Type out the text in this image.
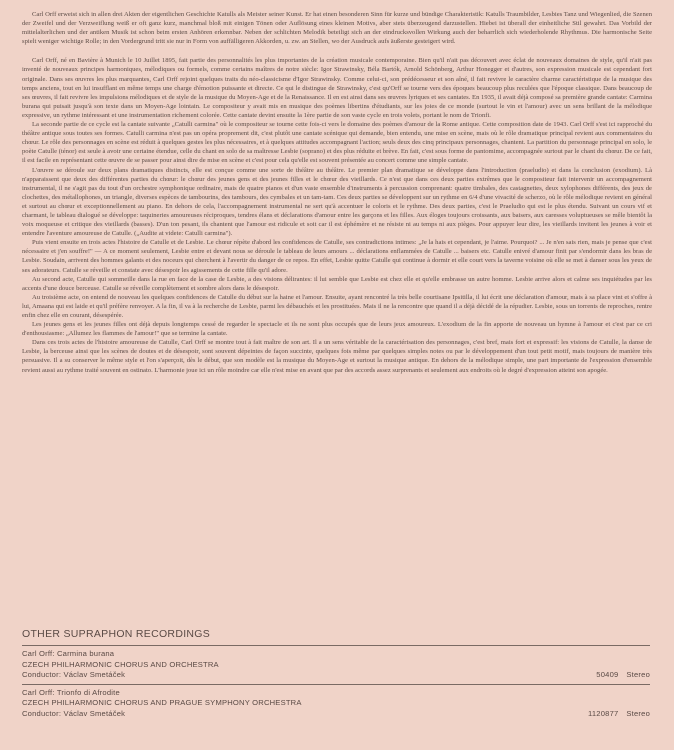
Carl Orff erweist sich in allen drei Akten der eigentlichen Geschichte Katulls als Meister seiner Kunst. Er hat einen besonderen Sinn für kurze und bündige Charakteristik: Katulls Traumbilder, Lesbies Tanz und Wiegenlied, die Szenen der Zweifel und der Verzweiflung weiß er oft ganz kurz, manchmal bloß mit einigen Tönen oder Auflösung eines kleinen Motivs, aber stets überzeugend darzustellen. Hiebei ist überall der einheitliche Stil gewahrt. Das Vorbild der mittelalterlichen und der antiken Musik ist schon beim ersten Anhören erkennbar. Neben der schlichten Melodik beteiligt sich an der eindrucksvollen Wirkung auch der beharrlich sich wiederholende Rhythmus. Die harmonische Seite spielt weniger wichtige Rolle; in den Vordergrund tritt sie nur in Form von auffälligeren Akkorden, u. zw. an Stellen, wo der Ausdruck aufs äußerste gesteigert wird.

Carl Orff, né en Bavière à Munich le 10 Juillet 1895, fait partie des personnalités les plus importantes de la création musicale contemporaine. Bien qu'il n'ait pas découvert avec éclat de nouveaux domaines de style, qu'il n'ait pas inventé de nouveaux principes harmoniques, mélodiques ou formels, comme certains maîtres de notre siècle: Igor Strawinsky, Béla Bartók, Arnold Schönberg, Arthur Honegger et d'autres, son expression musicale est cependant fort originale. Dans ses œuvres les plus marquantes, Carl Orff rejoint quelques traits du néo-classicisme d'Igor Strawinsky. Comme celui-ci, son prédécesseur et son aîné, il fait revivre le caractère charme caractéristique de la musique des temps anciens, tout en lui insufflant en même temps une charge d'émotion puissante et directe. Ce qui le distingue de Strawinsky, c'est qu'Orff se tourne vers des époques beaucoup plus reculées que l'époque classique. Dans beaucoup de ses œuvres, il fait revivre les impulsions mélodiques et de style de la musique du Moyen-Age et de la Renaissance. Il en est ainsi dans ses œuvres lyriques et ses cantates. En 1935, il avait déjà composé sa première grande cantate: Carmina burana qui puisait jusqu'à son texte dans un Moyen-Age lointain. Le compositeur y avait mis en musique des poèmes libertins d'étudiants, sur les joies de ce monde (surtout le vin et l'amour) avec un sens brillant de la mélodique expressive, un rythme intéressant et une instrumentation richement colorée. Cette cantate devint ensuite la 1ère partie de son vaste cycle en trois volets, portant le nom de Trionfi.

La seconde partie de ce cycle est la cantate suivante „Catulli carmina" où le compositeur se tourne cette fois-ci vers le domaine des poèmes d'amour de la Rome antique. Cette composition date de 1943. Carl Orff s'est ici rapproché du théâtre antique sous toutes ses formes. Catulli carmina n'est pas un opéra proprement dit, c'est plutôt une cantate scénique qui demande, bien entendu, une mise en scène, mais où le rôle dramatique principal revient aux commentaires du chœur. Le rôle des personnages en scène est réduit à quelques gestes les plus nécessaires, et à quelques attitudes accompagnant l'action; seuls deux des cinq principaux personnages, chantent. La partition du personnage principal en solo, le poète Catulle (ténor) est seule à avoir une certaine étendue, celle du chant en solo de sa maîtresse Lesbie (soprano) et des plus réduite et brève. En fait, c'est sous forme de pantomime, accompagnée surtout par le chant du chœur. De ce fait, il est facile en représentant cette œuvre de se passer pour ainsi dire de mise en scène et c'est pour cela qu'elle est souvent présentée au concert comme une simple cantate.

L'œuvre se déroule sur deux plans dramatiques distincts, elle est conçue comme une sorte de théâtre au théâtre. Le premier plan dramatique se développe dans l'introduction (praeludio) et dans la conclusion (exodium). Là n'apparaissent que deux des différentes parties du chœur: le chœur des jeunes gens et des jeunes filles et le chœur des vieillards. Ce n'est que dans ces deux parties extrêmes que le compositeur fait intervenir un accompagnement instrumental, il ne s'agit pas du tout d'un orchestre symphonique ordinaire, mais de quatre pianos et d'un vaste ensemble d'instruments à percussion comprenant: quatre timbales, des castagnettes, deux xylophones différents, des jeux de clochettes, des métallophones, un triangle, diverses espèces de tambourins, des tambours, des cymbales et un tam-tam. Ces deux parties se développent sur un rythme en 6/4 d'une vivacité de scherzo, où le rôle mélodique revient en général et surtout au chœur et exceptionnellement au piano. En dehors de cela, l'accompagnement instrumental ne sert qu'à accentuer le coloris et le rythme. Des deux parties, c'est le Praeludio qui est le plus étendu. Suivant un cours vif et charmant, le tableau dialogué se développe: taquineries amoureuses réciproques, tendres élans et déclarations d'amour entre les garçons et les filles. Aux éloges toujours croissants, aux baisers, aux caresses voluptueuses se mêle bientôt la voix moqueuse et critique des vieillards (basses). D'un ton pesant, ils chantent que l'amour est ridicule et soit car il est éphémère et ne résiste ni au temps ni aux pièges. Pour appuyer leur dire, les vieillards invitent les jeunes à voir et entendre l'aventure amoureuse de Catulle. („Audite at videte: Catulli carmina").

Puis vient ensuite en trois actes l'histoire de Catulle et de Lesbie. Le chœur répète d'abord les confidences de Catulle, ses contradictions intimes: „Je la hais et cependant, je l'aime. Pourquoi? ... Je n'en sais rien, mais je pense que c'est nécessaire et j'en souffre!" — A ce moment seulement, Lesbie entre et devant nous se déroule le tableau de leurs amours ... déclarations enflammées de Catulle ... baisers etc. Catulle enivré d'amour finit par s'endormir dans les bras de Lesbie. Soudain, arrivent des hommes galants et des noceurs qui cherchent à l'avertir du danger de ce repos. En effet, Lesbie quitte Catulle qui continue à dormir et elle court vers la taverne voisine où elle se met à danser sous les yeux de ses adorateurs. Catulle se réveille et constate avec désespoir les agissements de cette fille qu'il adore.

Au second acte, Catulle qui sommeille dans la rue en face de la case de Lesbie, a des visions délirantes: il lui semble que Lesbie est chez elle et qu'elle embrasse un autre homme. Lesbie arrive alors et calme ses inquiétudes par les accents d'une douce berceuse. Catulle se réveille complètement et sombre alors dans le désespoir.

Au troisième acte, on entend de nouveau les quelques confidences de Catulle du début sur la haine et l'amour. Ensuite, ayant rencontré la très belle courtisane Ipsitilla, il lui écrit une déclaration d'amour, mais à sa place vint et s'offre à lui, Amaana qui est laide et qu'il préfère renvoyer. A la fin, il va à la recherche de Lesbie, parmi les débauchés et les prostituées. Mais il ne la rencontre que quand il a déjà décidé de la répudier. Lesbie, sous un torrents de reproches, rentre enfin chez elle en courant, désespérée.

Les jeunes gens et les jeunes filles ont déjà depuis longtemps cessé de regarder le spectacle et ils ne sont plus occupés que de leurs jeux amoureux. L'exodium de la fin apporte de nouveau un hymne à l'amour et c'est par ce cri d'enthousiasme: „Allumez les flammes de l'amour!" que se termine la cantate.

Dans ces trois actes de l'histoire amoureuse de Catulle, Carl Orff se montre tout à fait maître de son art. Il a un sens véritable de la caractérisation des personnages, c'est bref, mais fort et expressif: les visions de Catulle, la danse de Lesbie, la berceuse ainsi que les scènes de doutes et de désespoir, sont souvent dépeintes de façon succinte, quelques fois même par quelques simples notes ou par le développement d'un tout petit motif, mais toujours de manière très persuasive. Il a su conserver le même style et l'on s'aperçoit, dès le début, que son modèle est la musique du Moyen-Age et surtout la musique antique. En dehors de la mélodique simple, une part importante de l'expression d'ensemble revient aussi au rythme traité souvent en ostinato. L'harmonie joue ici un rôle moindre car elle n'est mise en avant que par des accords assez surprenants et seulement aux endroits où le degré d'expression atteint son apogée.

OTHER SUPRAPHON RECORDINGS
Carl Orff: Carmina burana
CZECH PHILHARMONIC CHORUS AND ORCHESTRA
Conductor: Václav Smetáček	50409 Stereo
Carl Orff: Trionfo di Afrodite
CZECH PHILHARMONIC CHORUS AND PRAGUE SYMPHONY ORCHESTRA
Conductor: Václav Smetáček	1120877 Stereo
